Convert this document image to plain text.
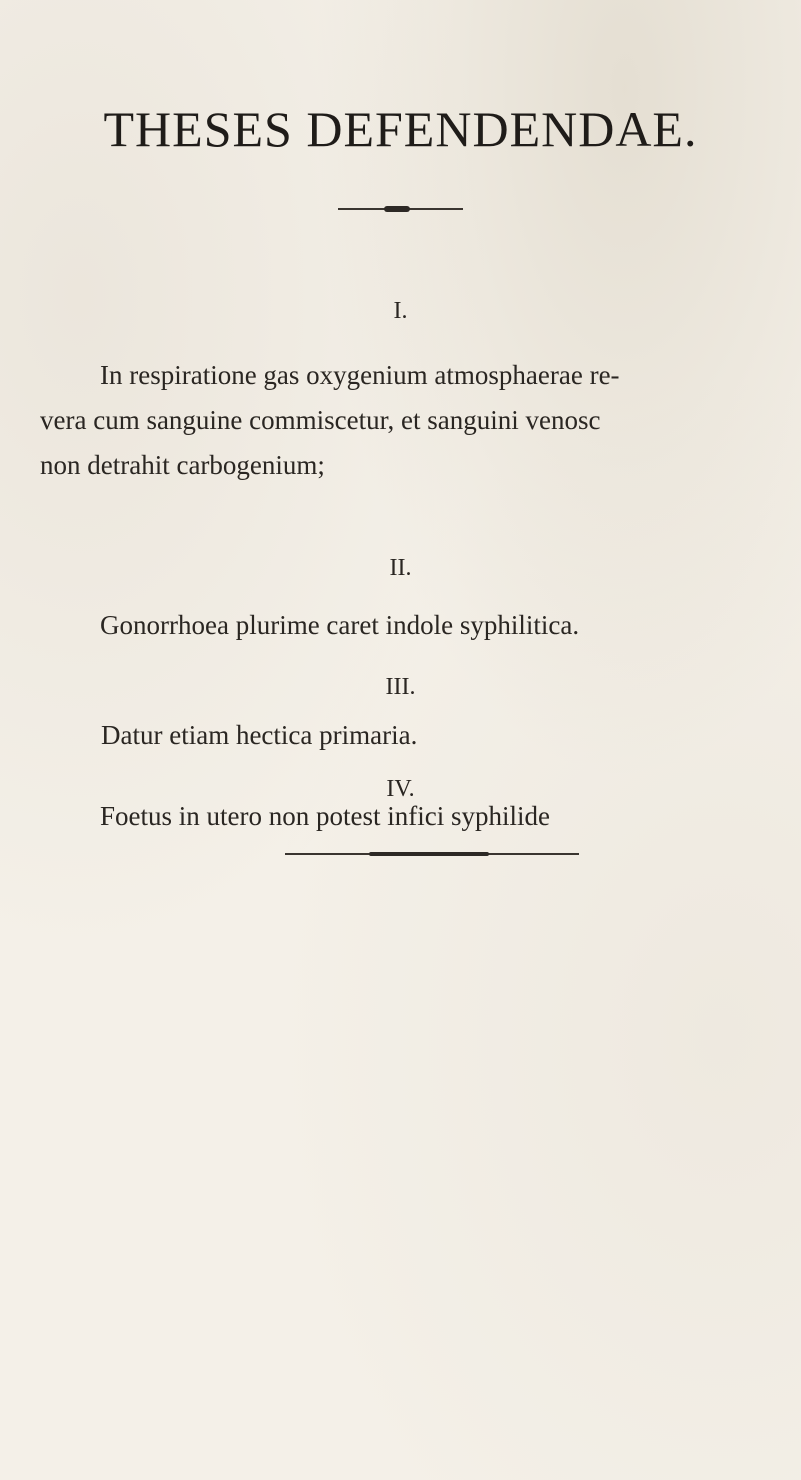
THESES DEFENDENDAE.
I.
In respiratione gas oxygenium atmosphaerae re-
vera cum sanguine commiscetur, et sanguini venosc
non detrahit carbogenium;
II.
Gonorrhoea plurime caret indole syphilitica.
III.
Datur etiam hectica primaria.
IV.
Foetus in utero non potest infici syphilide
